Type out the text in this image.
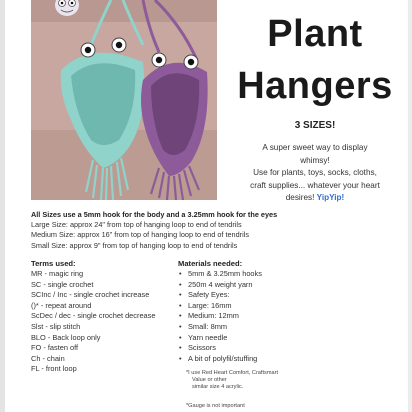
Plant
Hangers
3 SIZES!
A super sweet way to display
whimsy!
Use for plants, toys, socks, cloths,
craft supplies... whatever your heart
desires! YipYip!
All Sizes use a 5mm hook for the body and a 3.25mm hook for the eyes
Large Size: approx 24" from top of hanging loop to end of tendrils
Medium Size: approx 16" from top of hanging loop to end of tendrils
Small Size: approx 9" from top of hanging loop to end of tendrils
Terms used:
MR - magic ring
SC - single crochet
SCInc / Inc - single crochet increase
()* - repeat around
ScDec / dec - single crochet decrease
Slst - slip stitch
BLO - Back loop only
FO - fasten off
Ch - chain
FL - front loop
Materials needed:
• 5mm & 3.25mm hooks
• 250m 4 weight yarn
• Safety Eyes:
• Large: 16mm
• Medium: 12mm
• Small: 8mm
• Yarn needle
• Scissors
• A bit of polyfil/stuffing
*I use Red Heart Comfort, Craftsmart
Value or other
similar size 4 acrylic.
*Gauge is not important
